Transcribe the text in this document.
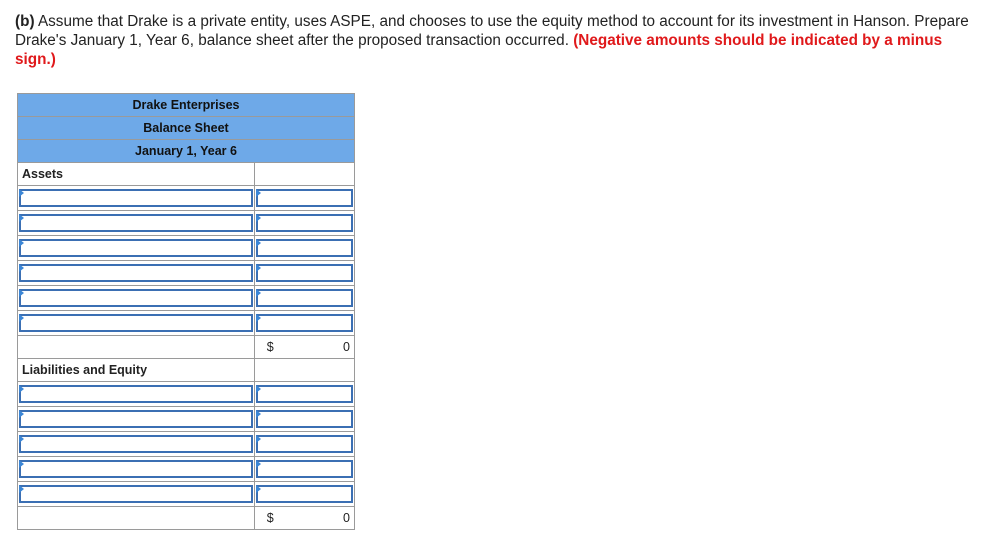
(b) Assume that Drake is a private entity, uses ASPE, and chooses to use the equity method to account for its investment in Hanson. Prepare Drake's January 1, Year 6, balance sheet after the proposed transaction occurred. (Negative amounts should be indicated by a minus sign.)
Drake Enterprises	
Balance Sheet	
January 1, Year 6	
Assets	

	$ 0

Liabilities and Equity	

	$ 0
